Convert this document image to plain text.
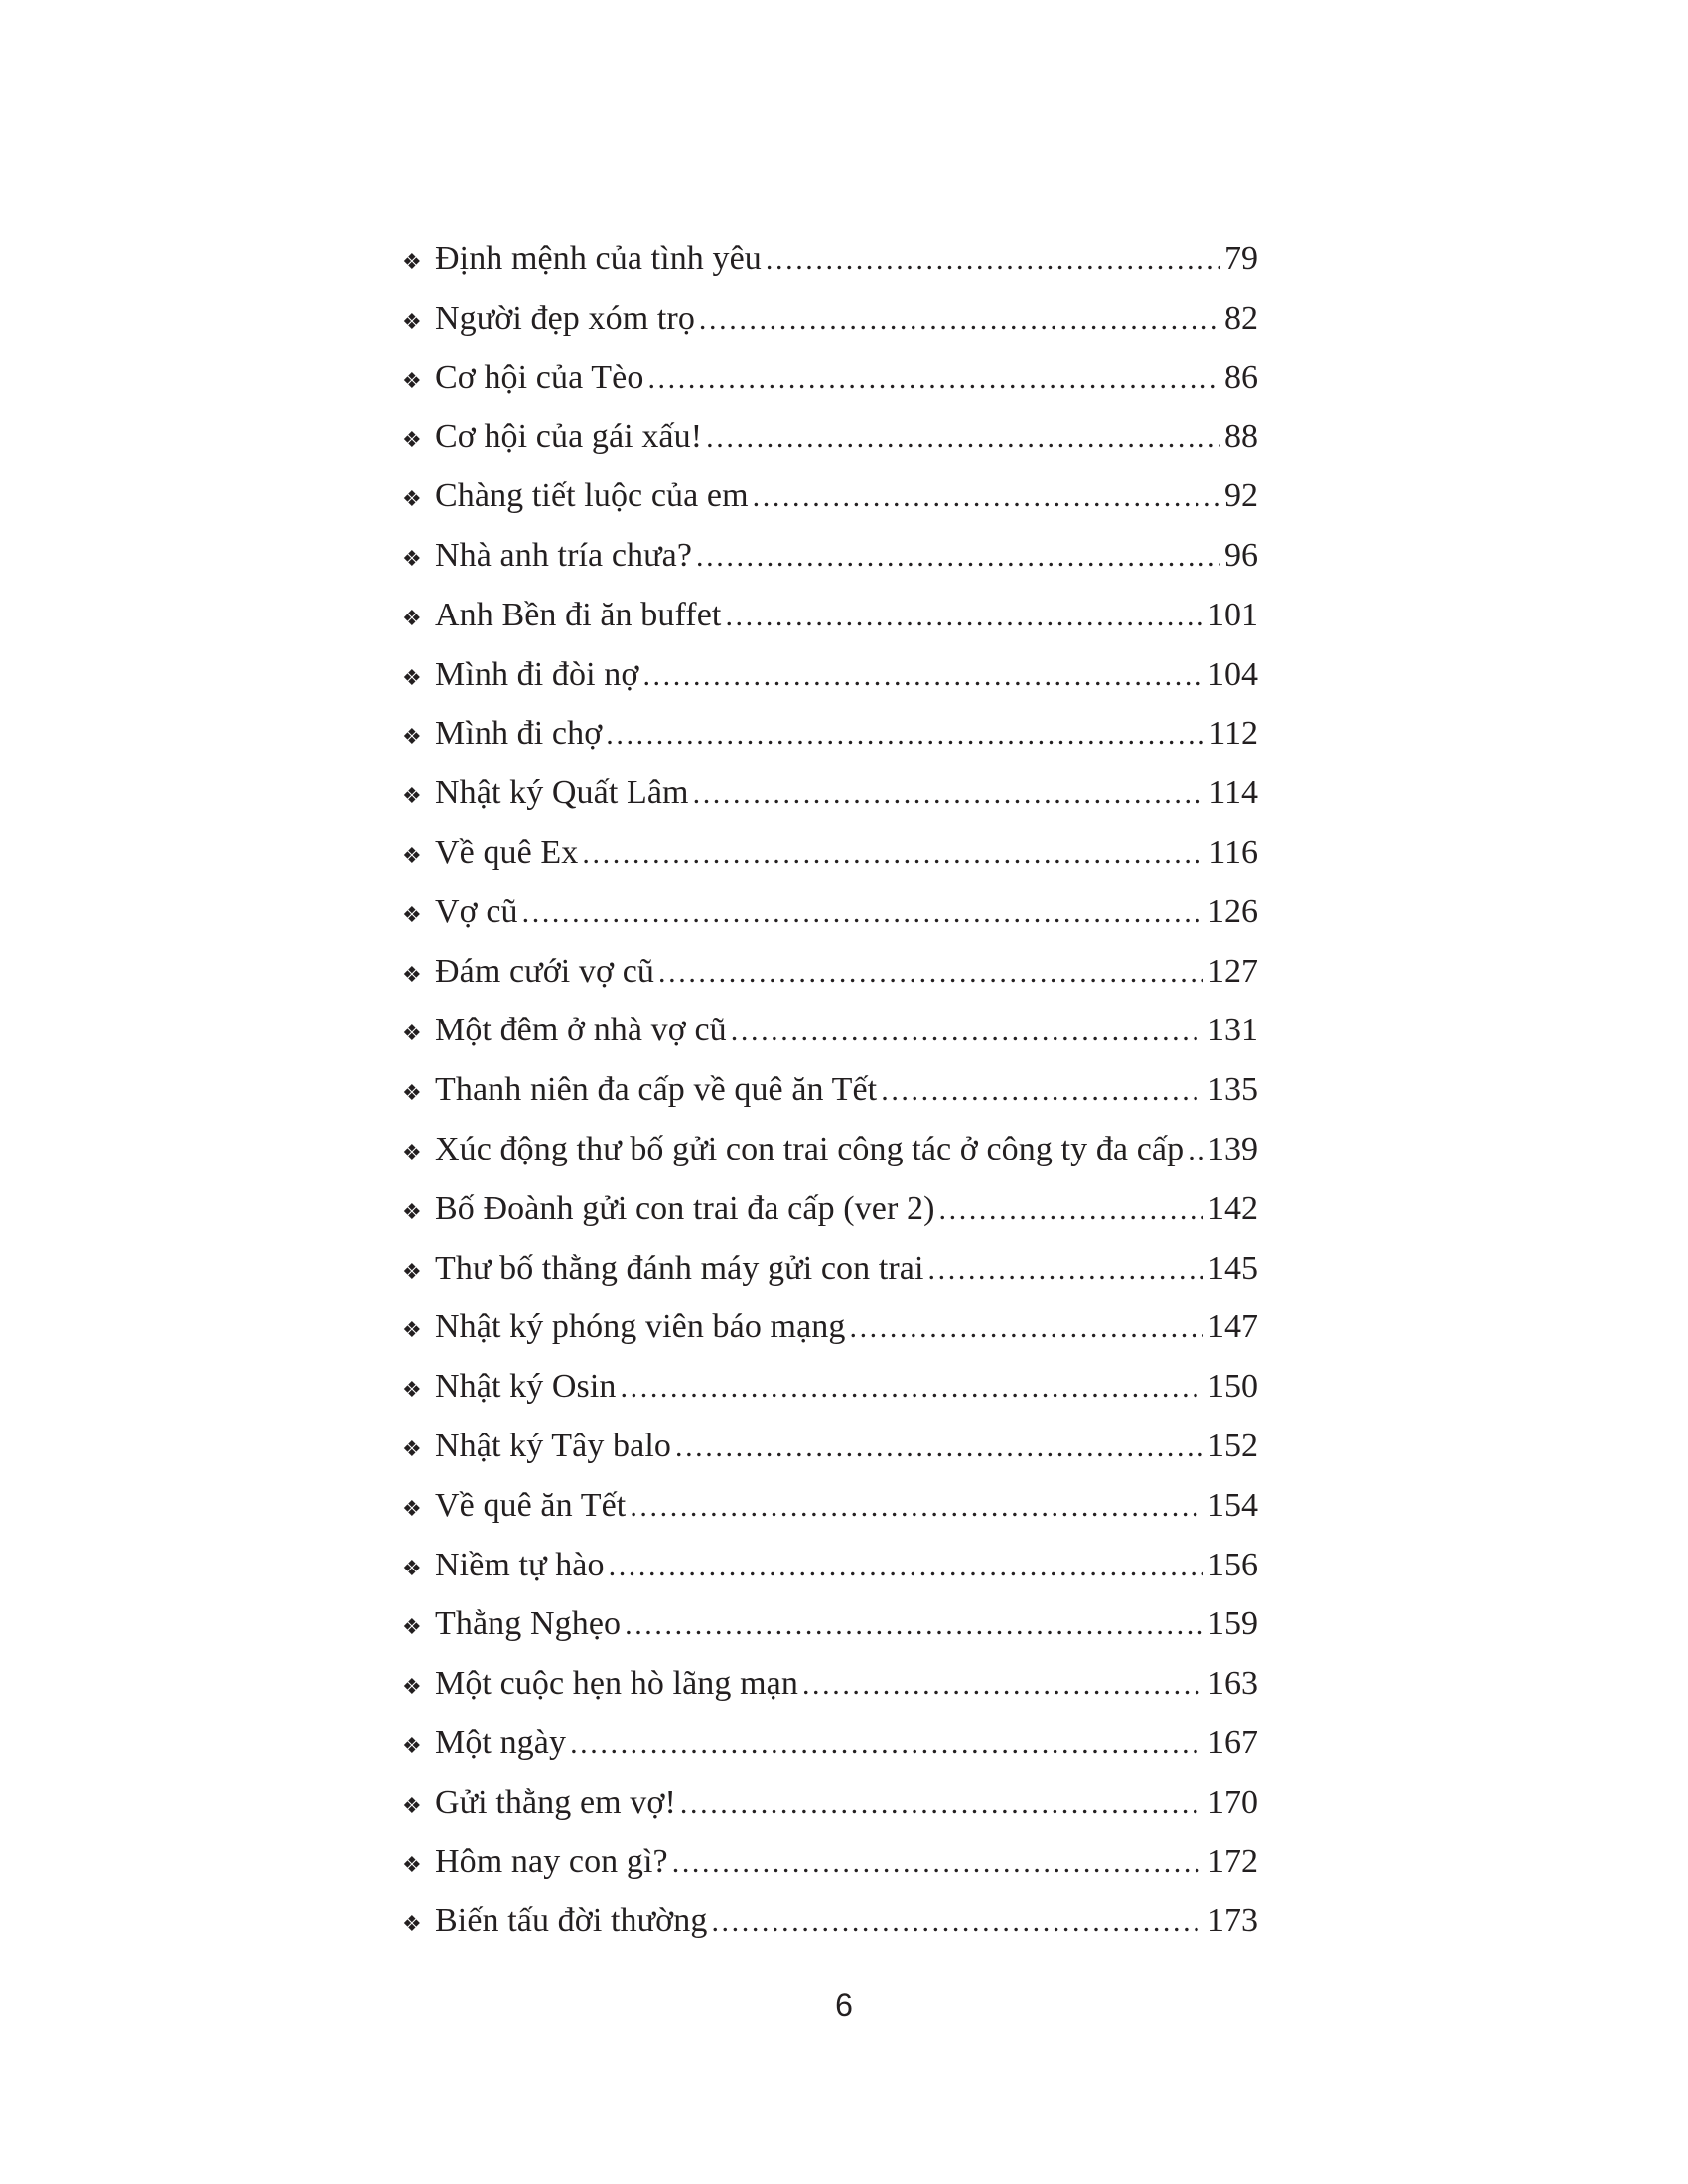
❖ Định mệnh của tình yêu .....	79
❖ Người đẹp xóm trọ .....	82
❖ Cơ hội của Tèo .....	86
❖ Cơ hội của gái xấu! .....	88
❖ Chàng tiết luộc của em .....	92
❖ Nhà anh tría chưa? .....	96
❖ Anh Bền đi ăn buffet .....	101
❖ Mình đi đòi nợ .....	104
❖ Mình đi chợ .....	112
❖ Nhật ký Quất Lâm .....	114
❖ Về quê Ex .....	116
❖ Vợ cũ .....	126
❖ Đám cưới vợ cũ .....	127
❖ Một đêm ở nhà vợ cũ .....	131
❖ Thanh niên đa cấp về quê ăn Tết .....	135
❖ Xúc động thư bố gửi con trai công tác ở công ty đa cấp ..... 139
❖ Bố Đoành gửi con trai đa cấp (ver 2) .....	142
❖ Thư bố thằng đánh máy gửi con trai .....	145
❖ Nhật ký phóng viên báo mạng .....	147
❖ Nhật ký Osin .....	150
❖ Nhật ký Tây balo .....	152
❖ Về quê ăn Tết .....	154
❖ Niềm tự hào .....	156
❖ Thằng Nghẹo .....	159
❖ Một cuộc hẹn hò lãng mạn .....	163
❖ Một ngày .....	167
❖ Gửi thằng em vợ! .....	170
❖ Hôm nay con gì? .....	172
❖ Biến tấu đời thường .....	173
6
